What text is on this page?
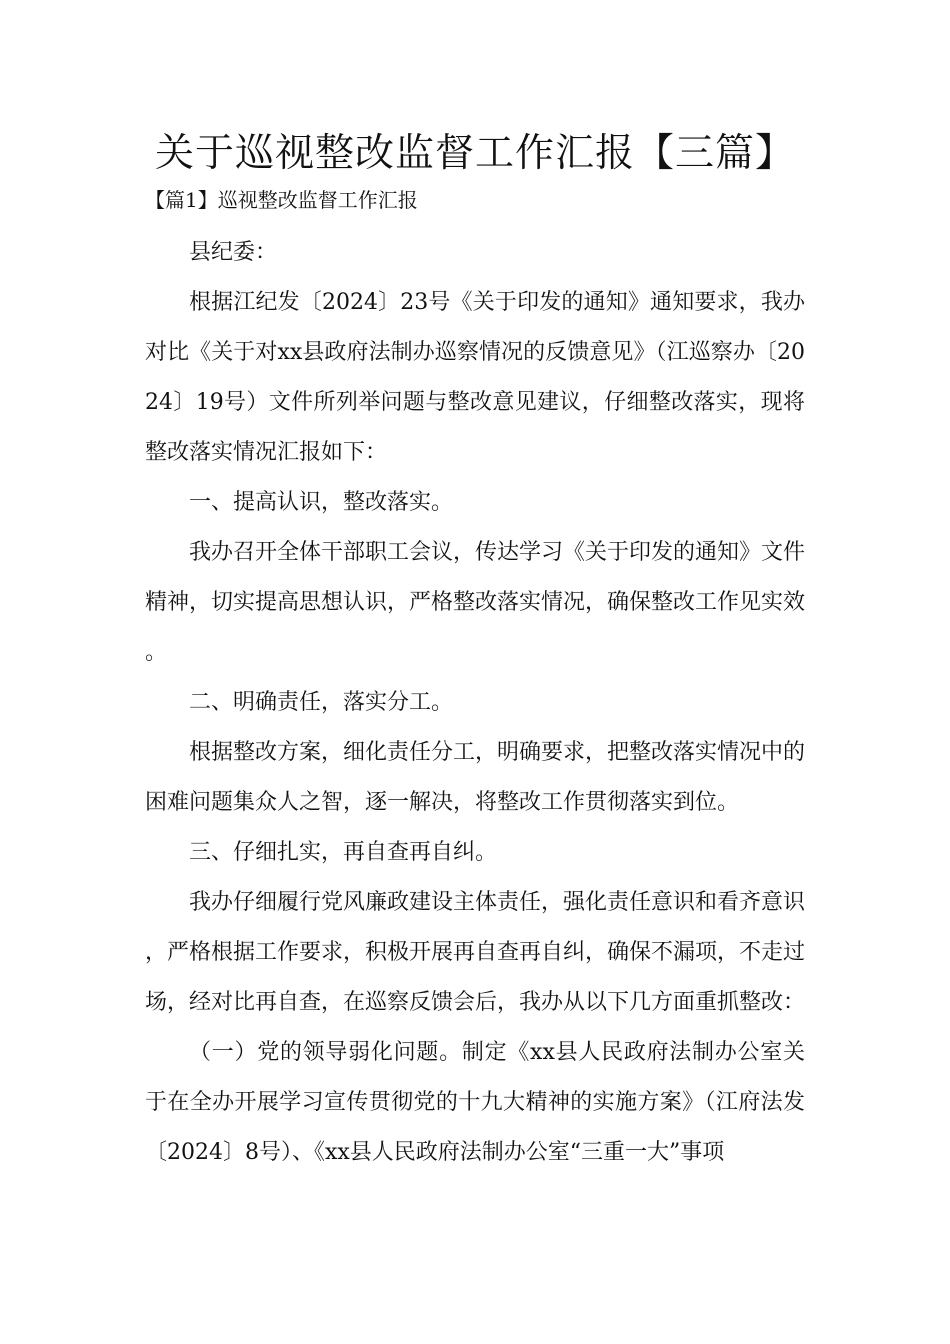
关于巡视整改监督工作汇报【三篇】
【篇1】巡视整改监督工作汇报

县纪委：

根据江纪发〔2024〕23号《关于印发的通知》通知要求，我办对比《关于对xx县政府法制办巡察情况的反馈意见》（江巡察办〔2024〕19号）文件所列举问题与整改意见建议，仔细整改落实，现将整改落实情况汇报如下：

一、提高认识，整改落实。

我办召开全体干部职工会议，传达学习《关于印发的通知》文件精神，切实提高思想认识，严格整改落实情况，确保整改工作见实效。

二、明确责任，落实分工。

根据整改方案，细化责任分工，明确要求，把整改落实情况中的困难问题集众人之智，逐一解决，将整改工作贯彻落实到位。

三、仔细扎实，再自查再自纠。

我办仔细履行党风廉政建设主体责任，强化责任意识和看齐意识，严格根据工作要求，积极开展再自查再自纠，确保不漏项，不走过场，经对比再自查，在巡察反馈会后，我办从以下几方面重抓整改：

（一）党的领导弱化问题。制定《xx县人民政府法制办公室关于在全办开展学习宣传贯彻党的十九大精神的实施方案》（江府法发〔2024〕8号）、《xx县人民政府法制办公室“三重一大”事项
